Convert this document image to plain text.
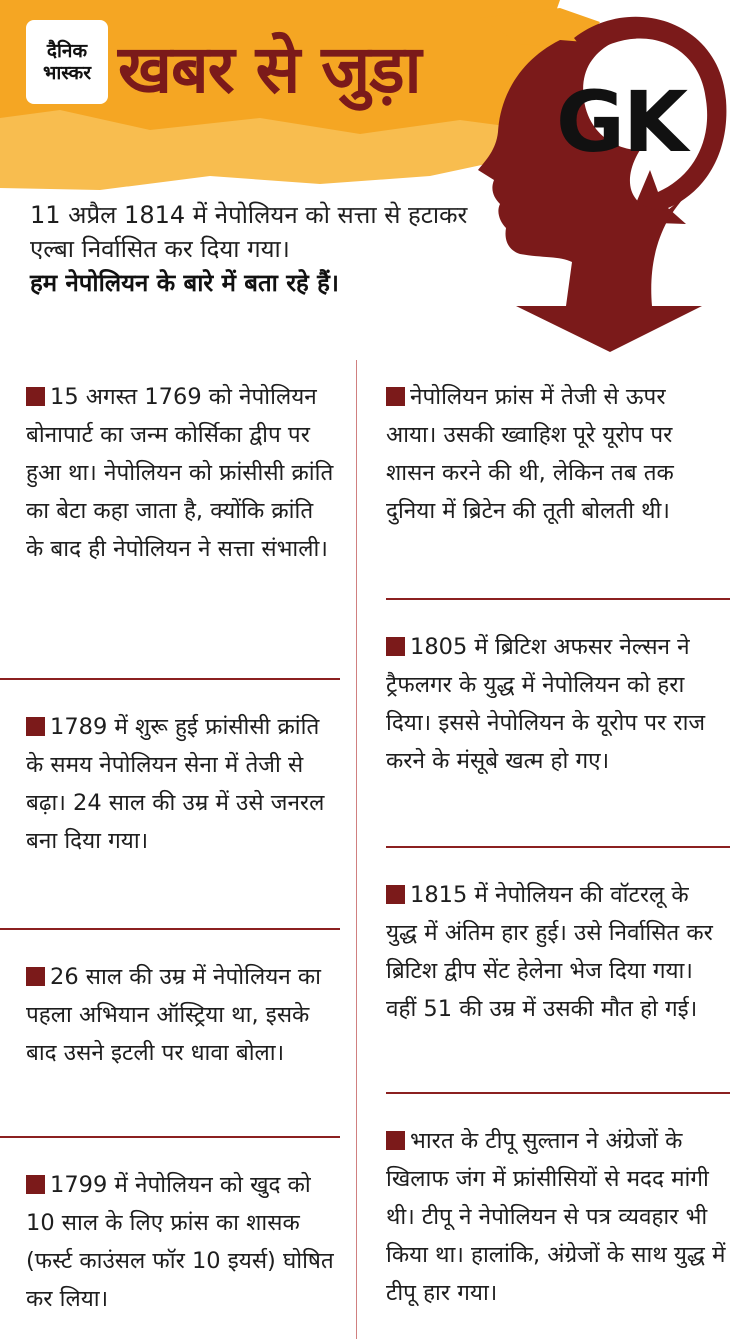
दैनिक
भास्कर खबर से जुड़ा
GK

11 अप्रैल 1814 में नेपोलियन को सत्ता से हटाकर एल्बा निर्वासित कर दिया गया।

हम नेपोलियन के बारे में बता रहे हैं।

15 अगस्त 1769 को नेपोलियन बोनापार्ट का जन्म कोर्सिका द्वीप पर हुआ था। नेपोलियन को फ्रांसीसी क्रांति का बेटा कहा जाता है, क्योंकि क्रांति के बाद ही नेपोलियन ने सत्ता संभाली।

1789 में शुरू हुई फ्रांसीसी क्रांति के समय नेपोलियन सेना में तेजी से बढ़ा। 24 साल की उम्र में उसे जनरल बना दिया गया।

26 साल की उम्र में नेपोलियन का पहला अभियान ऑस्ट्रिया था, इसके बाद उसने इटली पर धावा बोला।

1799 में नेपोलियन को खुद को 10 साल के लिए फ्रांस का शासक (फर्स्ट काउंसल फॉर 10 इयर्स) घोषित कर लिया।

नेपोलियन फ्रांस में तेजी से ऊपर आया। उसकी ख्वाहिश पूरे यूरोप पर शासन करने की थी, लेकिन तब तक दुनिया में ब्रिटेन की तूती बोलती थी।

1805 में ब्रिटिश अफसर नेल्सन ने ट्रैफलगर के युद्ध में नेपोलियन को हरा दिया। इससे नेपोलियन के यूरोप पर राज करने के मंसूबे खत्म हो गए।

1815 में नेपोलियन की वॉटरलू के युद्ध में अंतिम हार हुई। उसे निर्वासित कर ब्रिटिश द्वीप सेंट हेलेना भेज दिया गया। वहीं 51 की उम्र में उसकी मौत हो गई।

भारत के टीपू सुल्तान ने अंग्रेजों के खिलाफ जंग में फ्रांसीसियों से मदद मांगी थी। टीपू ने नेपोलियन से पत्र व्यवहार भी किया था। हालांकि, अंग्रेजों के साथ युद्ध में टीपू हार गया।
